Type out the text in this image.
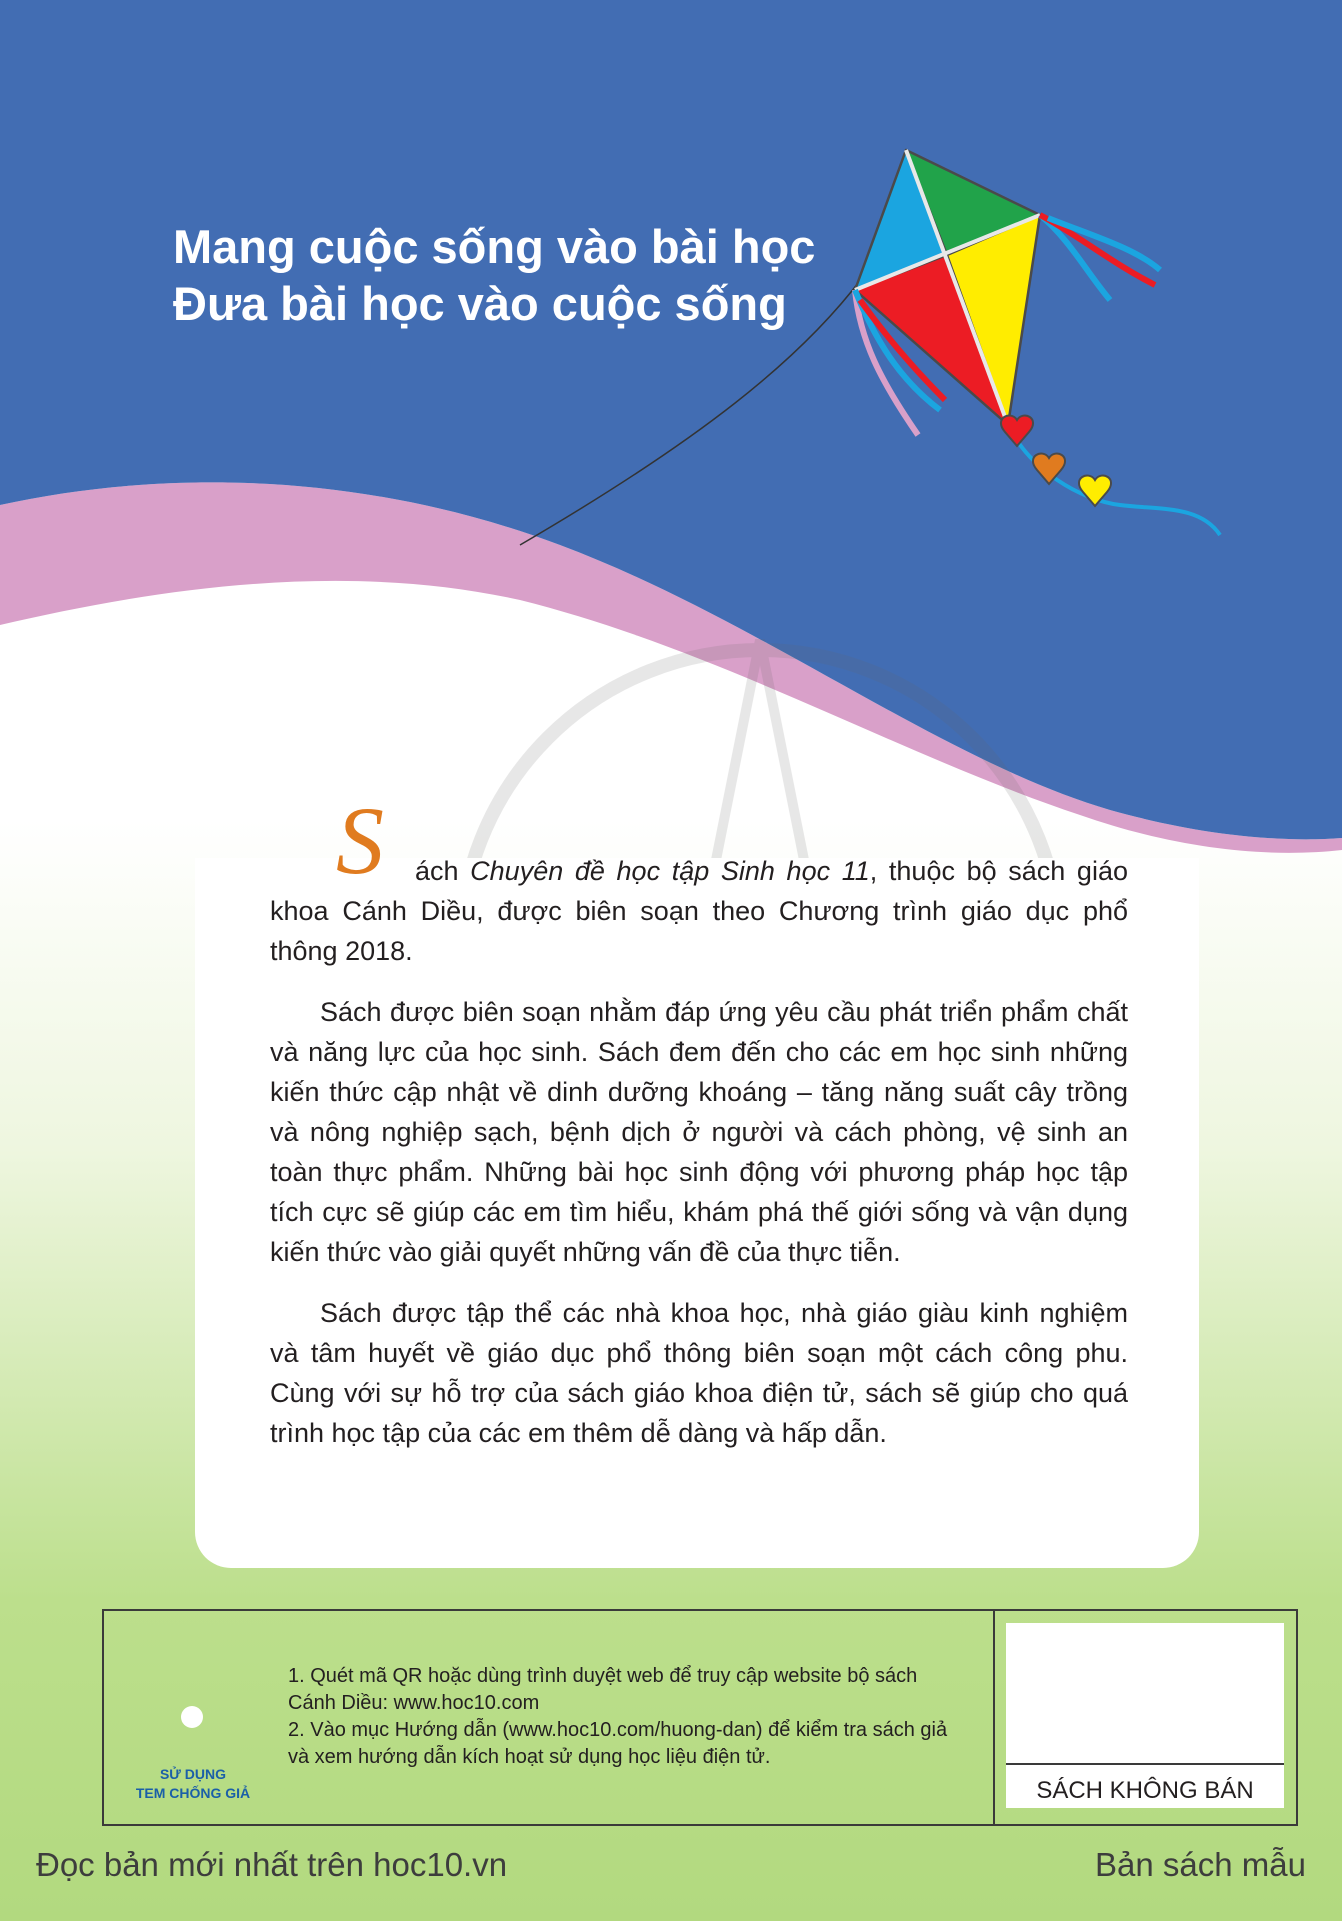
Mang cuộc sống vào bài học
Đưa bài học vào cuộc sống
S	ách Chuyên đề học tập Sinh học 11, thuộc bộ sách giáo khoa Cánh Diều, được biên soạn theo Chương trình giáo dục phổ thông 2018.

Sách được biên soạn nhằm đáp ứng yêu cầu phát triển phẩm chất và năng lực của học sinh. Sách đem đến cho các em học sinh những kiến thức cập nhật về dinh dưỡng khoáng – tăng năng suất cây trồng và nông nghiệp sạch, bệnh dịch ở người và cách phòng, vệ sinh an toàn thực phẩm. Những bài học sinh động với phương pháp học tập tích cực sẽ giúp các em tìm hiểu, khám phá thế giới sống và vận dụng kiến thức vào giải quyết những vấn đề của thực tiễn.

Sách được tập thể các nhà khoa học, nhà giáo giàu kinh nghiệm và tâm huyết về giáo dục phổ thông biên soạn một cách công phu. Cùng với sự hỗ trợ của sách giáo khoa điện tử, sách sẽ giúp cho quá trình học tập của các em thêm dễ dàng và hấp dẫn.

SỬ DỤNG
TEM CHỐNG GIẢ
1. Quét mã QR hoặc dùng trình duyệt web để truy cập website bộ sách
Cánh Diều: www.hoc10.com
2. Vào mục Hướng dẫn (www.hoc10.com/huong-dan) để kiểm tra sách giả
và xem hướng dẫn kích hoạt sử dụng học liệu điện tử.
SÁCH KHÔNG BÁN
Đọc bản mới nhất trên hoc10.vn	Bản sách mẫu
